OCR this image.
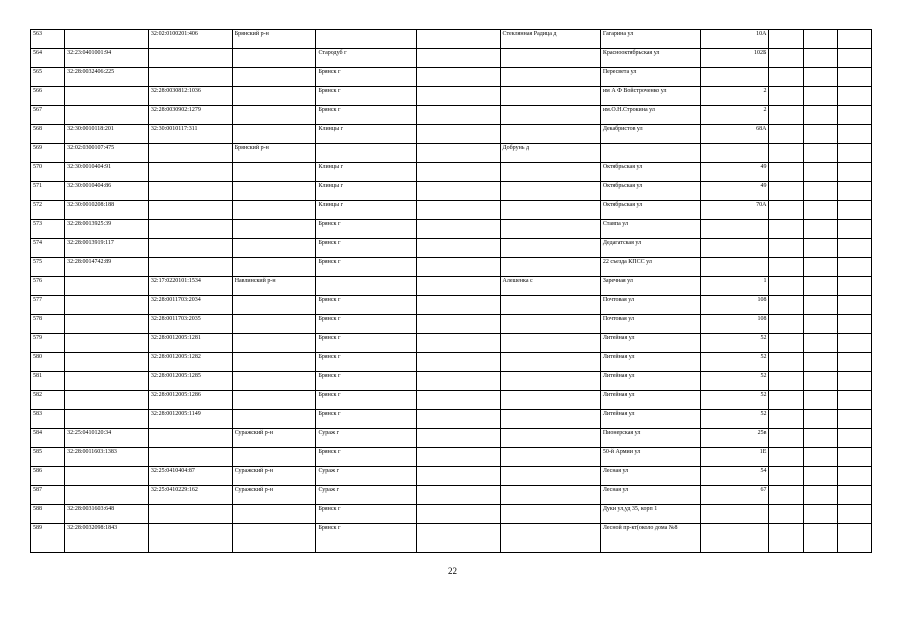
563		32:02:0100201:406	Брянский р-н			Стеклянная Радица д	Гагарина ул	10А			
564	32:23:0401001:94			Стародуб г			Краснооктябрьская ул	102Б			
565	32:28:0032406:225			Брянск г			Пересвета ул				
566		32:28:0030812:1036		Брянск г			им А Ф Войстроченко ул	2			
567		32:28:0030902:1279		Брянск г			им.О.Н.Строкина ул	2			
568	32:30:0010118:201	32:30:0010117:311		Клинцы г			Декабристов ул	68А			
569	32:02:0300107:475		Брянский р-н			Добрунь д					
570	32:30:0010404:91			Клинцы г			Октябрьская ул	49			
571	32:30:0010404:86			Клинцы г			Октябрьская ул	49			
572	32:30:0010208:188			Клинцы г			Октябрьская ул	70А			
573	32:28:0013925:39			Брянск г			Ставпа ул				
574	32:28:0013919:117			Брянск г			Дедагатская ул				
575	32:28:0014742:89			Брянск г			22 съезда КПСС ул				
576		32:17:0220101:1534	Навлинский р-н			Алешенка с	Заречная ул	1			
577		32:28:0011703:2034		Брянск г			Почтовая ул	108			
578		32:28:0011703:2035		Брянск г			Почтовая ул	108			
579		32:28:0012005:1281		Брянск г			Литейная ул	52			
580		32:28:0012005:1282		Брянск г			Литейная ул	52			
581		32:28:0012005:1285		Брянск г			Литейная ул	52			
582		32:28:0012005:1286		Брянск г			Литейная ул	52			
583		32:28:0012005:1149		Брянск г			Литейная ул	52			
584	32:25:0410120:34		Суражский р-н	Сураж г			Пионерская ул	25в			
585	32:28:0011603:1383			Брянск г			50-й Армии ул	1Е			
586		32:25:0410404:87	Суражский р-н	Сураж г			Лесная ул	54			
587		32:25:0410229:162	Суражский р-н	Сураж г			Лесная ул	67			
588	32:28:0031603:648			Брянск г			Дуки ул,уд 35, корп 1				
589	32:28:0032098:1843			Брянск г			Лесной пр-кт(около дома №8				
22
